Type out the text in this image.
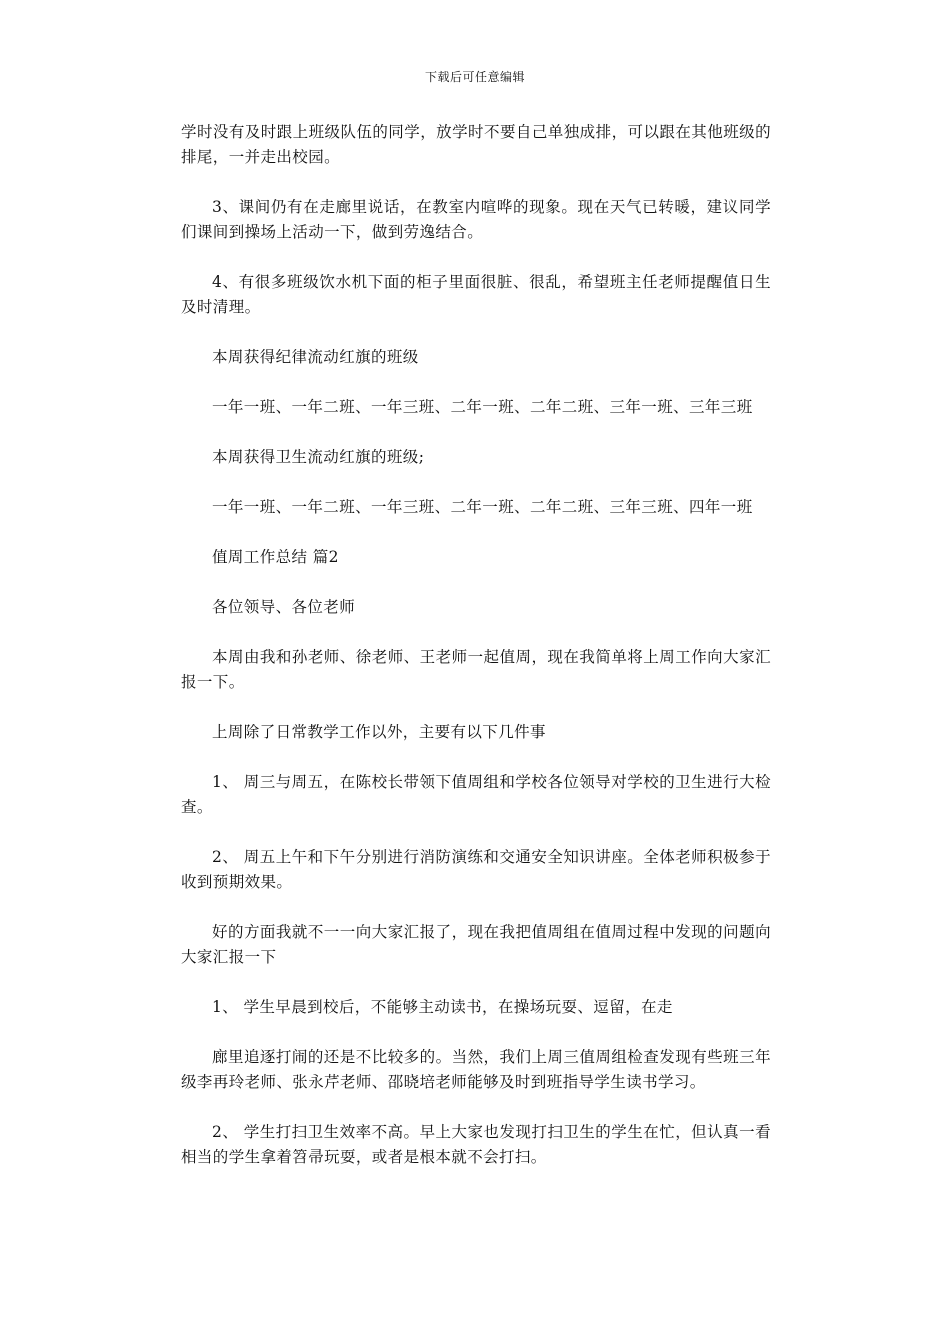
下载后可任意编辑

学时没有及时跟上班级队伍的同学，放学时不要自己单独成排，可以跟在其他班级的排尾，一并走出校园。

3、课间仍有在走廊里说话，在教室内喧哗的现象。现在天气已转暖，建议同学们课间到操场上活动一下，做到劳逸结合。

4、有很多班级饮水机下面的柜子里面很脏、很乱，希望班主任老师提醒值日生及时清理。

本周获得纪律流动红旗的班级

一年一班、一年二班、一年三班、二年一班、二年二班、三年一班、三年三班

本周获得卫生流动红旗的班级;

一年一班、一年二班、一年三班、二年一班、二年二班、三年三班、四年一班

值周工作总结 篇2

各位领导、各位老师

本周由我和孙老师、徐老师、王老师一起值周，现在我简单将上周工作向大家汇报一下。

上周除了日常教学工作以外，主要有以下几件事

1、 周三与周五，在陈校长带领下值周组和学校各位领导对学校的卫生进行大检查。

2、 周五上午和下午分别进行消防演练和交通安全知识讲座。全体老师积极参于收到预期效果。

好的方面我就不一一向大家汇报了，现在我把值周组在值周过程中发现的问题向大家汇报一下

1、 学生早晨到校后，不能够主动读书，在操场玩耍、逗留，在走

廊里追逐打闹的还是不比较多的。当然，我们上周三值周组检查发现有些班三年级李再玲老师、张永芹老师、邵晓培老师能够及时到班指导学生读书学习。

2、 学生打扫卫生效率不高。早上大家也发现打扫卫生的学生在忙，但认真一看相当的学生拿着笤帚玩耍，或者是根本就不会打扫。
